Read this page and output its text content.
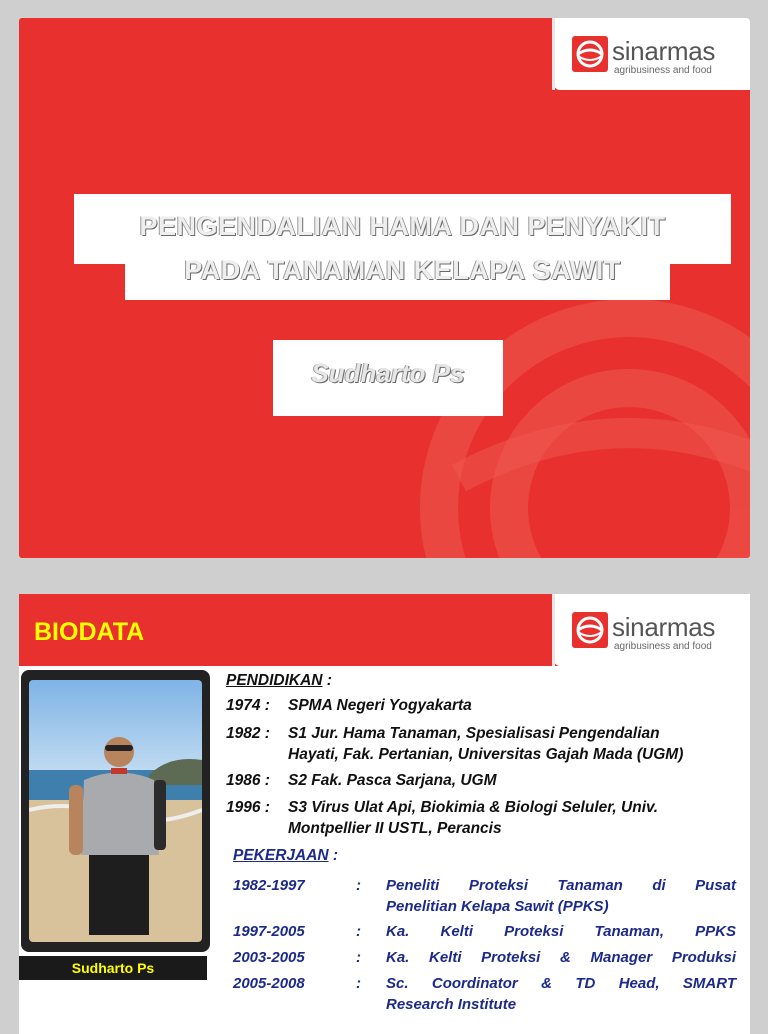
sinarmas
agribusiness and food
PENGENDALIAN HAMA DAN PENYAKIT
PADA TANAMAN KELAPA SAWIT
Sudharto Ps
BIODATA	sinarmas
agribusiness and food
Sudharto Ps
PENDIDIKAN :
1974 : SPMA Negeri Yogyakarta
1982 : S1 Jur. Hama Tanaman, Spesialisasi Pengendalian
Hayati, Fak. Pertanian, Universitas Gajah Mada (UGM)
1986 : S2 Fak. Pasca Sarjana, UGM
1996 : S3 Virus Ulat Api, Biokimia & Biologi Seluler, Univ.
Montpellier II USTL, Perancis
PEKERJAAN :
1982-1997	: Peneliti Proteksi Tanaman di Pusat
Penelitian Kelapa Sawit (PPKS)
1997-2005	: Ka. Kelti Proteksi Tanaman, PPKS
2003-2005	: Ka. Kelti Proteksi & Manager Produksi
2005-2008	: Sc. Coordinator & TD Head, SMART
Research Institute
